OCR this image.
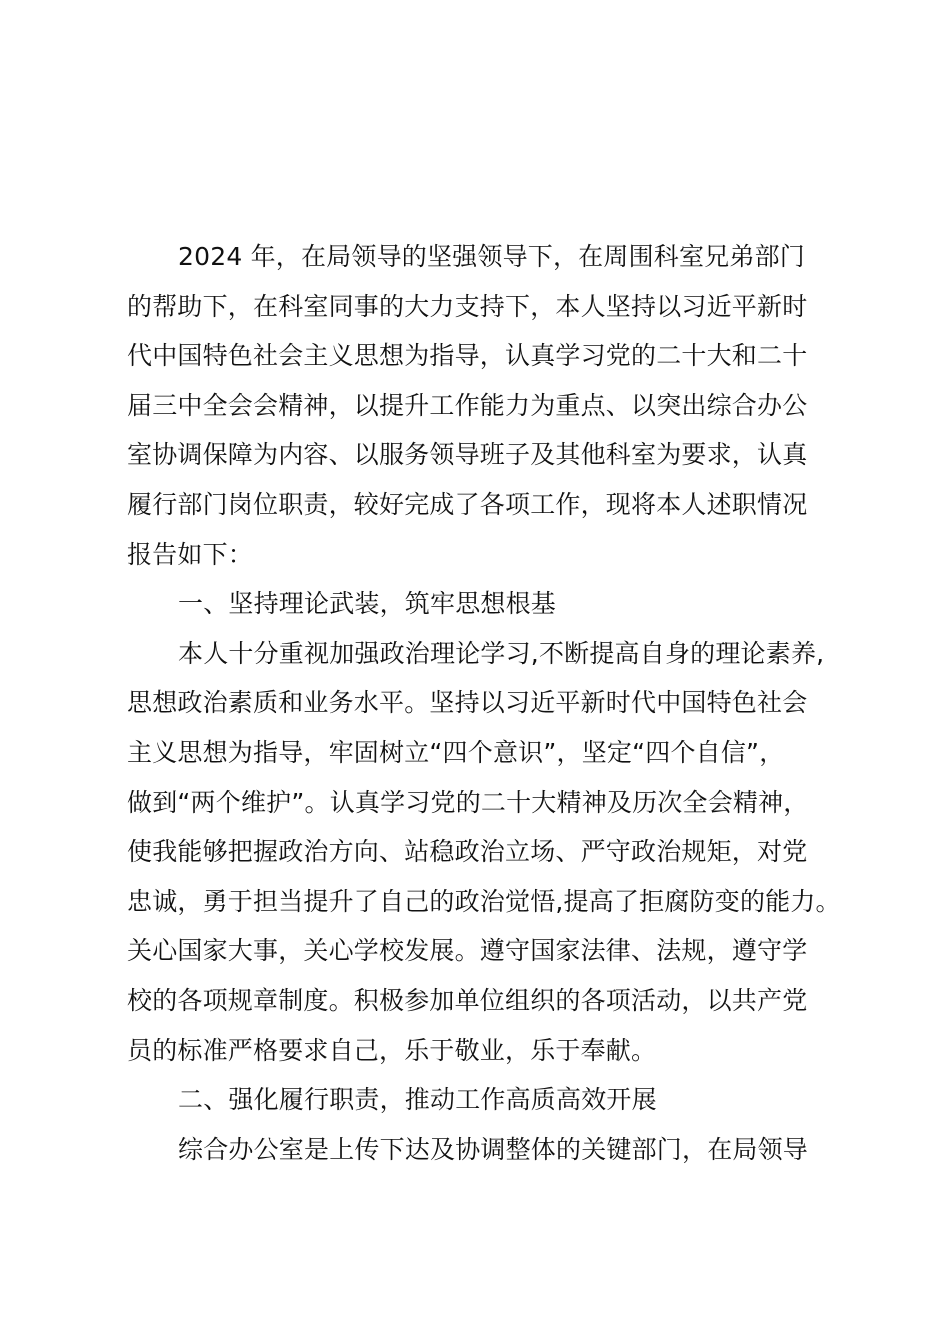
2024 年，在局领导的坚强领导下，在周围科室兄弟部门
的帮助下，在科室同事的大力支持下，本人坚持以习近平新时
代中国特色社会主义思想为指导，认真学习党的二十大和二十
届三中全会会精神，以提升工作能力为重点、以突出综合办公
室协调保障为内容、以服务领导班子及其他科室为要求，认真
履行部门岗位职责，较好完成了各项工作，现将本人述职情况
报告如下：
一、坚持理论武装，筑牢思想根基
本人十分重视加强政治理论学习,不断提高自身的理论素养,
思想政治素质和业务水平。坚持以习近平新时代中国特色社会
主义思想为指导，牢固树立“四个意识”，坚定“四个自信”，
做到“两个维护”。认真学习党的二十大精神及历次全会精神，
使我能够把握政治方向、站稳政治立场、严守政治规矩，对党
忠诚，勇于担当提升了自己的政治觉悟,提高了拒腐防变的能力。
关心国家大事，关心学校发展。遵守国家法律、法规，遵守学
校的各项规章制度。积极参加单位组织的各项活动，以共产党
员的标准严格要求自己，乐于敬业，乐于奉献。
二、强化履行职责，推动工作高质高效开展
综合办公室是上传下达及协调整体的关键部门，在局领导
